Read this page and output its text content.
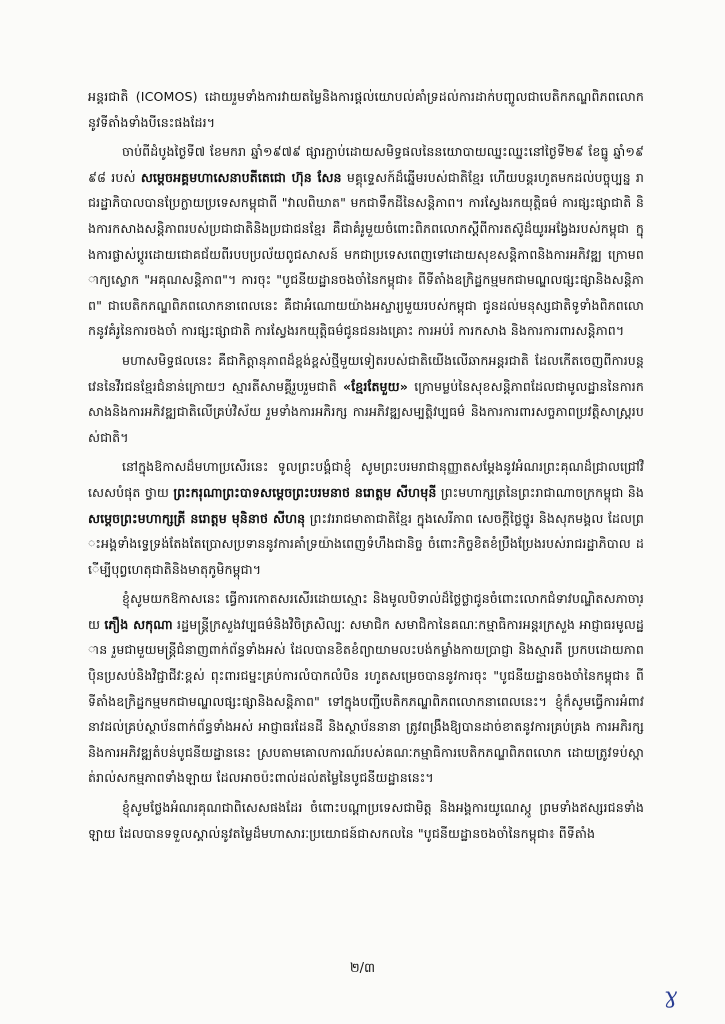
អន្តរជាតិ (ICOMOS) ដោយរួមទាំងការវាយតម្លៃនិងការផ្តល់យោបល់គាំទ្រដល់ការដាក់បញ្ចូលជាបេតិកភណ្ឌពិភពលោកនូវទីតាំងទាំងបីនេះផងដែរ។

ចាប់ពីដំបូងថ្ងៃទី៧ ខែមករា ឆ្នាំ១៩៧៩ ផ្សារភ្ជាប់ដោយសមិទ្ធផលនៃនយោបាយឈ្នះឈ្នះនៅថ្ងៃទី២៩ ខែធ្នូ ឆ្នាំ១៩៩៨ របស់ សម្តេចអគ្គមហាសេនាបតីតេជោ ហ៊ុន សែន មគ្គុទ្ទេសក៍ដ៏ឆ្នើមរបស់ជាតិខ្មែរ ហើយបន្តរហូតមកដល់បច្ចុប្បន្ន រាជរដ្ឋាភិបាលបានប្រែក្លាយប្រទេសកម្ពុជាពី "វាលពិឃាត" មកជាទឹកដីនៃសន្តិភាព។ ការស្វែងរកយុត្តិធម៌ ការផ្សះផ្សាជាតិ និងការកសាងសន្តិភាពរបស់ប្រជាជាតិនិងប្រជាជនខ្មែរ គឺជាគំរូមួយចំពោះពិភពលោកស្តីពីការតស៊ូដ៏យូរអង្វែងរបស់កម្ពុជា ក្នុងការផ្លាស់ប្តូរដោយជោគជ័យពីរបបប្រល័យពូជសាសន៍ មកជាប្រទេសពេញទៅដោយសុខសន្តិភាពនិងការអភិវឌ្ឍ ក្រោមពាក្យស្លោក "អគុណសន្តិភាព"។ ការចុះ "បូជនីយដ្ឋានចងចាំនៃកម្ពុជា៖ ពីទីតាំងឧក្រិដ្ឋកម្មមកជាមណ្ឌលផ្សះផ្សានិងសន្តិភាព" ជាបេតិកភណ្ឌពិភពលោកនាពេលនេះ គឺជាអំណោយយ៉ាងអស្ចារ្យមួយរបស់កម្ពុជា ជូនដល់មនុស្សជាតិទូទាំងពិភពលោកនូវគំរូនៃការចងចាំ ការផ្សះផ្សាជាតិ ការស្វែងរកយុត្តិធម៌ជូនជនរងគ្រោះ ការអប់រំ ការកសាង និងការការពារសន្តិភាព។

មហាសមិទ្ធផលនេះ គឺជាកិត្តានុភាពដ៏ខ្ពង់ខ្ពស់ថ្មីមួយទៀតរបស់ជាតិយើងលើឆាកអន្តរជាតិ ដែលកើតចេញពីការបន្តវេននៃវីរជនខ្មែរជំនាន់ក្រោយៗ ស្មារតីសាមគ្គីរួបរួមជាតិ «ខ្មែរតែមួយ» ក្រោមម្លប់នៃសុខសន្តិភាពដែលជាមូលដ្ឋាននៃការកសាងនិងការអភិវឌ្ឍជាតិលើគ្រប់វិស័យ រួមទាំងការអភិរក្ស ការអភិវឌ្ឍសម្បត្តិវប្បធម៌ និងការការពារសច្ចភាពប្រវត្តិសាស្ត្ររបស់ជាតិ។

នៅក្នុងឱកាសដ៏មហាប្រសើរនេះ ទូលព្រះបង្គំជាខ្ញុំ សូមព្រះបរមរាជានុញ្ញាតសម្តែងនូវអំណរព្រះគុណដ៏ជ្រាលជ្រៅវិសេសបំផុត ថ្វាយ ព្រះករុណាព្រះបាទសម្តេចព្រះបរមនាថ នរោត្តម សីហមុនី ព្រះមហាក្សត្រនៃព្រះរាជាណាចក្រកម្ពុជា និង សម្តេចព្រះមហាក្សត្រី នរោត្តម មុនិនាថ សីហនុ ព្រះវររាជមាតាជាតិខ្មែរ ក្នុងសេរីភាព សេចក្តីថ្លៃថ្នូរ និងសុភមង្គល ដែលព្រះអង្គទាំងទ្វេទ្រង់តែងតែប្រោសប្រទាននូវការគាំទ្រយ៉ាងពេញទំហឹងជានិច្ច ចំពោះកិច្ចខិតខំប្រឹងប្រែងរបស់រាជរដ្ឋាភិបាល ដើម្បីបុព្វហេតុជាតិនិងមាតុភូមិកម្ពុជា។

ខ្ញុំសូមយកឱកាសនេះ ធ្វើការកោតសរសើរដោយស្មោះ និងមូលបិទាល់ដ៏ថ្លៃថ្លាជូនចំពោះលោកជំទាវបណ្ឌិតសភាចារ្យ ភឿង សកុណា រដ្ឋមន្ត្រីក្រសួងវប្បធម៌និងវិចិត្រសិល្បៈ សមាជិក សមាជិកានៃគណៈកម្មាធិការអន្តរក្រសួង អាជ្ញាធរមូលដ្ឋាន រួមជាមួយមន្ត្រីជំនាញពាក់ព័ន្ធទាំងអស់ ដែលបានខិតខំព្យាយាមលះបង់កម្លាំងកាយប្រាជ្ញា និងស្មារតី ប្រកបដោយភាពប៉ិនប្រសប់និងវិជ្ជាជីវៈខ្ពស់ ពុះពារជម្នះគ្រប់ការលំបាកលំបិន រហូតសម្រេចបាននូវការចុះ "បូជនីយដ្ឋានចងចាំនៃកម្ពុជា៖ ពីទីតាំងឧក្រិដ្ឋកម្មមកជាមណ្ឌលផ្សះផ្សានិងសន្តិភាព" ទៅក្នុងបញ្ជីបេតិកភណ្ឌពិភពលោកនាពេលនេះ។ ខ្ញុំក៏សូមធ្វើការអំពាវនាវដល់គ្រប់ស្ថាប័នពាក់ព័ន្ធទាំងអស់ អាជ្ញាធរដែនដី និងស្ថាប័ននានា ត្រូវពង្រឹងឱ្យបានដាច់ខាតនូវការគ្រប់គ្រង ការអភិរក្ស និងការអភិវឌ្ឍតំបន់បូជនីយដ្ឋាននេះ ស្របតាមគោលការណ៍របស់គណៈកម្មាធិការបេតិកភណ្ឌពិភពលោក ដោយត្រូវទប់ស្កាត់រាល់សកម្មភាពទាំងឡាយ ដែលអាចប៉ះពាល់ដល់តម្លៃនៃបូជនីយដ្ឋាននេះ។

ខ្ញុំសូមថ្លែងអំណរគុណជាពិសេសផងដែរ ចំពោះបណ្តាប្រទេសជាមិត្ត និងអង្គការយូណេស្កូ ព្រមទាំងឥស្សរជនទាំងឡាយ ដែលបានទទួលស្គាល់នូវតម្លៃដ៏មហាសារៈប្រយោជន៍ជាសកលនៃ "បូជនីយដ្ឋានចងចាំនៃកម្ពុជា៖ ពីទីតាំង

២/៣
ɣ
